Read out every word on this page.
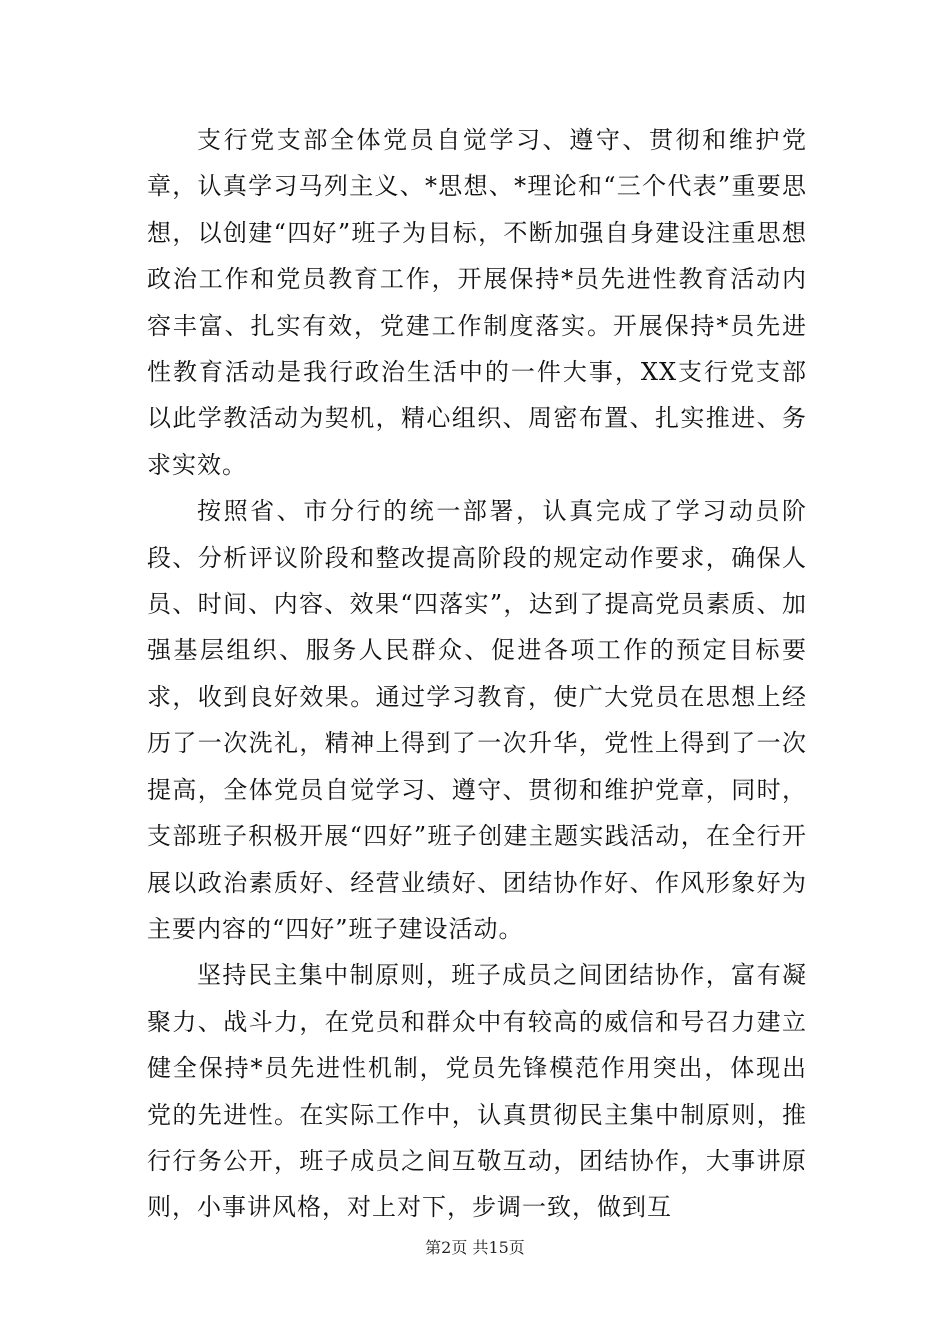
支行党支部全体党员自觉学习、遵守、贯彻和维护党章，认真学习马列主义、*思想、*理论和“三个代表”重要思想，以创建“四好”班子为目标，不断加强自身建设注重思想政治工作和党员教育工作，开展保持*员先进性教育活动内容丰富、扎实有效，党建工作制度落实。开展保持*员先进性教育活动是我行政治生活中的一件大事，XX支行党支部以此学教活动为契机，精心组织、周密布置、扎实推进、务求实效。

按照省、市分行的统一部署，认真完成了学习动员阶段、分析评议阶段和整改提高阶段的规定动作要求，确保人员、时间、内容、效果“四落实”，达到了提高党员素质、加强基层组织、服务人民群众、促进各项工作的预定目标要求，收到良好效果。通过学习教育，使广大党员在思想上经历了一次洗礼，精神上得到了一次升华，党性上得到了一次提高，全体党员自觉学习、遵守、贯彻和维护党章，同时，支部班子积极开展“四好”班子创建主题实践活动，在全行开展以政治素质好、经营业绩好、团结协作好、作风形象好为主要内容的“四好”班子建设活动。

坚持民主集中制原则，班子成员之间团结协作，富有凝聚力、战斗力，在党员和群众中有较高的威信和号召力建立健全保持*员先进性机制，党员先锋模范作用突出，体现出党的先进性。在实际工作中，认真贯彻民主集中制原则，推行行务公开，班子成员之间互敬互动，团结协作，大事讲原则，小事讲风格，对上对下，步调一致，做到互

第2页 共15页
